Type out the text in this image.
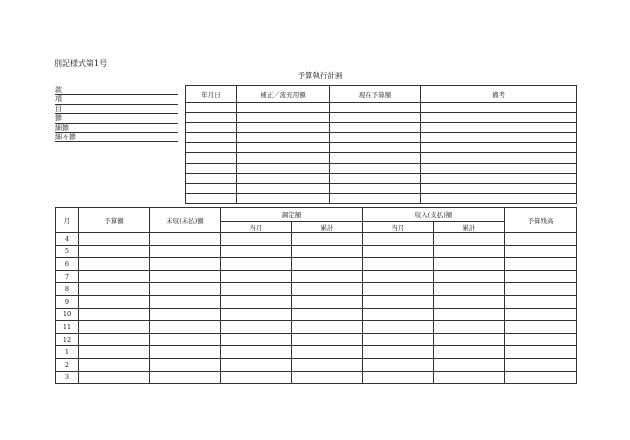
別記様式第1号
予算執行計画
款
項
目
節
細節
細々節
年月日	補正／流充用額	現在予算額	備考

月	予算額	未収(未払)額	調定額		収入(支払)額		予算残高
			当月	累計	当月	累計	
4							
5							
6							
7							
8							
9							
10							
11							
12							
1							
2							
3							
